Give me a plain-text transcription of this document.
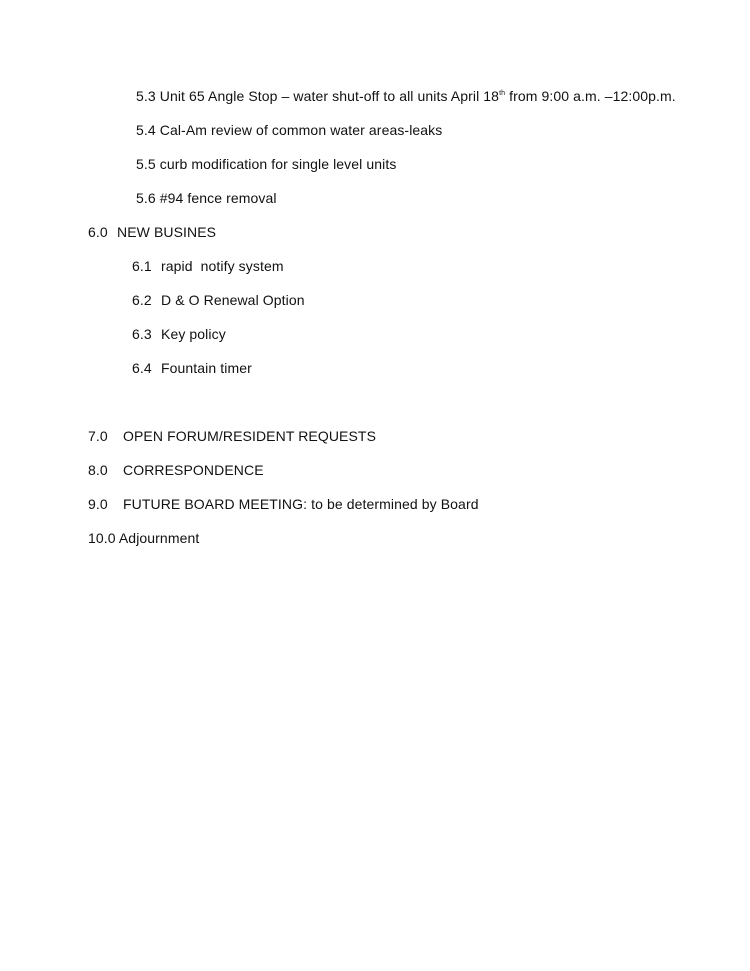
5.3 Unit 65 Angle Stop – water shut-off to all units April 18th from 9:00 a.m. –12:00p.m.
5.4 Cal-Am review of common water areas-leaks
5.5 curb modification for single level units
5.6 #94 fence removal
6.0 NEW BUSINES
6.1 rapid  notify system
6.2 D & O Renewal Option
6.3 Key policy
6.4 Fountain timer
7.0 OPEN FORUM/RESIDENT REQUESTS
8.0 CORRESPONDENCE
9.0 FUTURE BOARD MEETING: to be determined by Board
10.0 Adjournment
